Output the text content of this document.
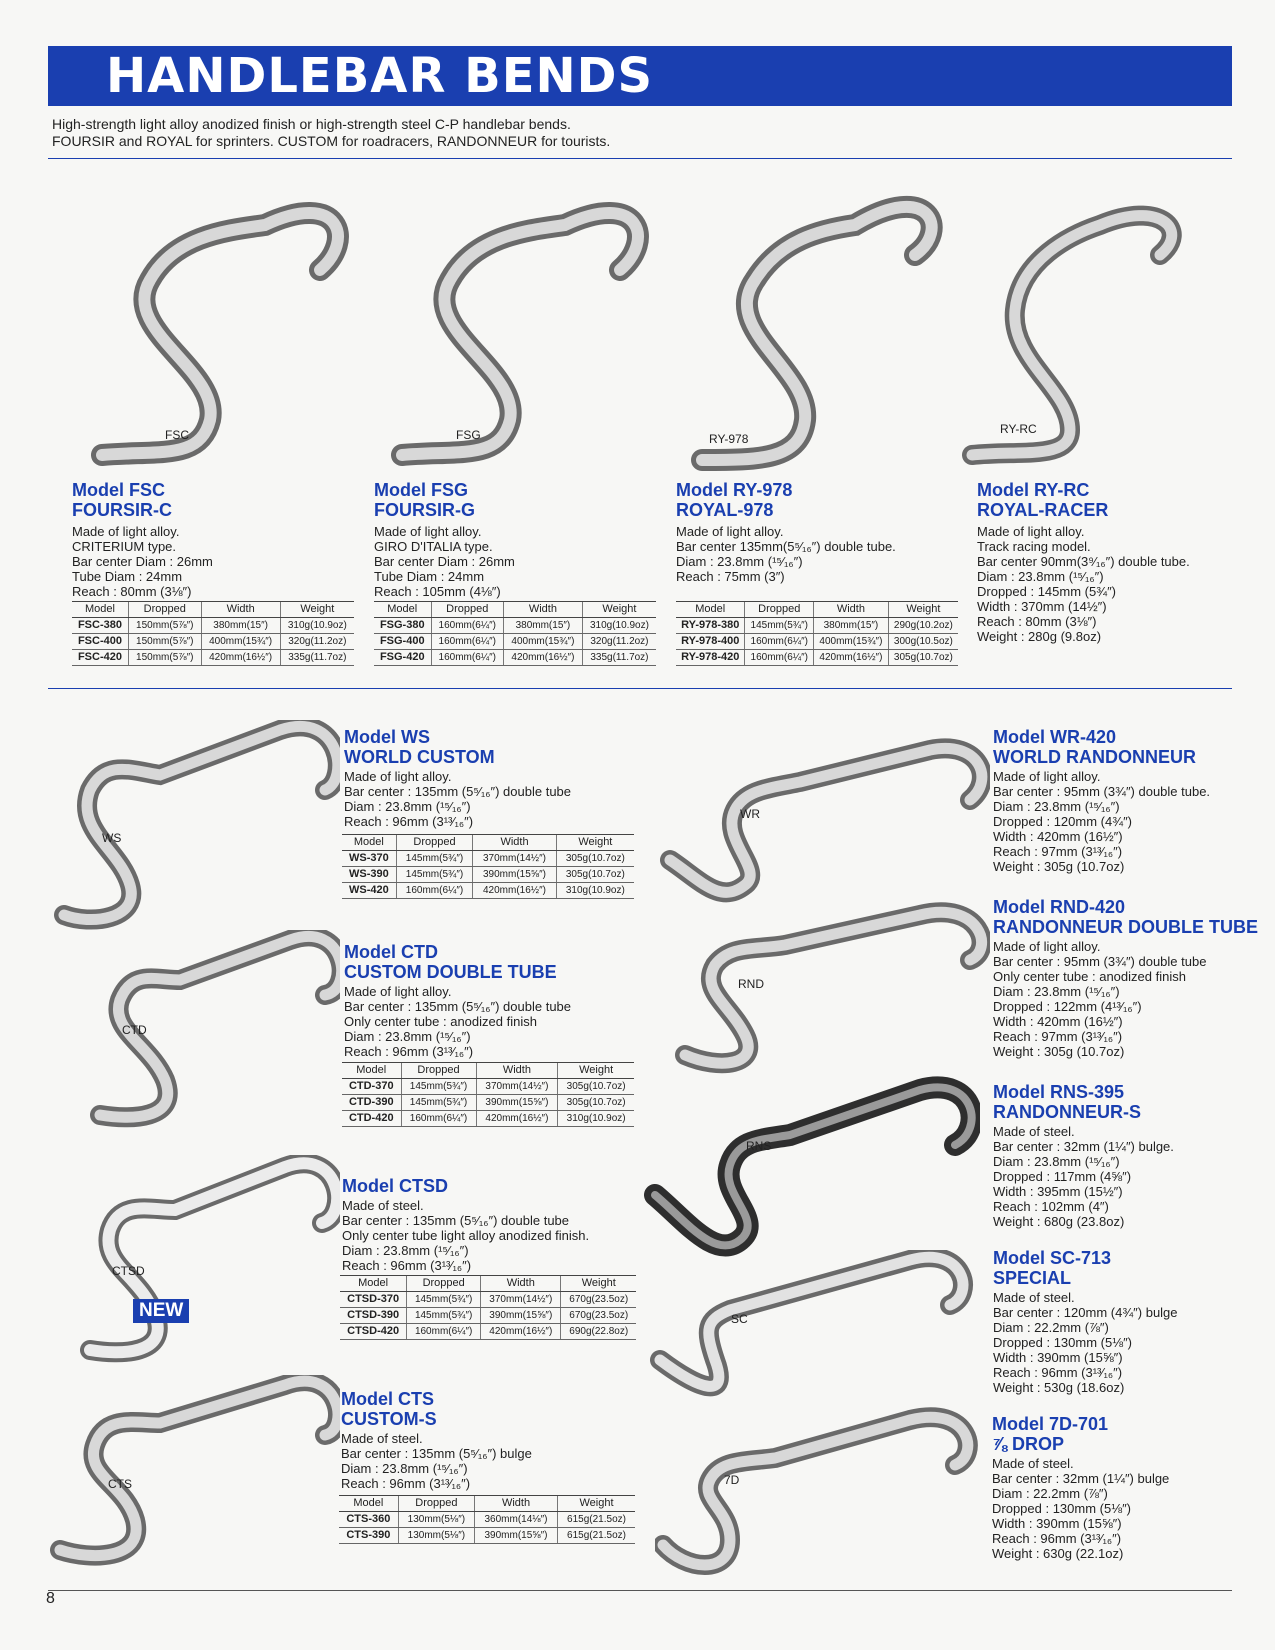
HANDLEBAR BENDS
High-strength light alloy anodized finish or high-strength steel C-P handlebar bends.
FOURSIR and ROYAL for sprinters. CUSTOM for roadracers, RANDONNEUR for tourists.
FSC	FSG	RY-978
RY-RC
Model FSC
FOURSIR-C
Made of light alloy.
CRITERIUM type.
Bar center Diam : 26mm
Tube Diam : 24mm
Reach : 80mm (3⅛″)
Model	Dropped	Width	Weight
FSC-380	150mm(5⅞″)	380mm(15″)	310g(10.9oz)
FSC-400	150mm(5⅞″)	400mm(15¾″)	320g(11.2oz)
FSC-420	150mm(5⅞″)	420mm(16½″)	335g(11.7oz)
Model FSG
FOURSIR-G
Made of light alloy.
GIRO D'ITALIA type.
Bar center Diam : 26mm
Tube Diam : 24mm
Reach : 105mm (4⅛″)
Model	Dropped	Width	Weight
FSG-380	160mm(6¼″)	380mm(15″)	310g(10.9oz)
FSG-400	160mm(6¼″)	400mm(15¾″)	320g(11.2oz)
FSG-420	160mm(6¼″)	420mm(16½″)	335g(11.7oz)
Model RY-978
ROYAL-978
Made of light alloy.
Bar center 135mm(5⁵⁄₁₆″) double tube.
Diam : 23.8mm (¹⁵⁄₁₆″)
Reach : 75mm (3″)
Model	Dropped	Width	Weight
RY-978-380	145mm(5¾″)	380mm(15″)	290g(10.2oz)
RY-978-400	160mm(6¼″)	400mm(15¾″)	300g(10.5oz)
RY-978-420	160mm(6¼″)	420mm(16½″)	305g(10.7oz)
Model RY-RC
ROYAL-RACER
Made of light alloy.
Track racing model.
Bar center 90mm(3⁹⁄₁₆″) double tube.
Diam : 23.8mm (¹⁵⁄₁₆″)
Dropped : 145mm (5¾″)
Width : 370mm (14½″)
Reach : 80mm (3⅛″)
Weight : 280g (9.8oz)
WS
CTD
CTSD
NEW
CTS
Model WS
WORLD CUSTOM
Made of light alloy.
Bar center : 135mm (5⁵⁄₁₆″) double tube
Diam : 23.8mm (¹⁵⁄₁₆″)
Reach : 96mm (3¹³⁄₁₆″)
Model	Dropped	Width	Weight
WS-370	145mm(5¾″)	370mm(14½″)	305g(10.7oz)
WS-390	145mm(5¾″)	390mm(15⅝″)	305g(10.7oz)
WS-420	160mm(6¼″)	420mm(16½″)	310g(10.9oz)
Model CTD
CUSTOM DOUBLE TUBE
Made of light alloy.
Bar center : 135mm (5⁵⁄₁₆″) double tube
Only center tube : anodized finish
Diam : 23.8mm (¹⁵⁄₁₆″)
Reach : 96mm (3¹³⁄₁₆″)
Model	Dropped	Width	Weight
CTD-370	145mm(5¾″)	370mm(14½″)	305g(10.7oz)
CTD-390	145mm(5¾″)	390mm(15⅝″)	305g(10.7oz)
CTD-420	160mm(6¼″)	420mm(16½″)	310g(10.9oz)
Model CTSD
Made of steel.
Bar center : 135mm (5⁵⁄₁₆″) double tube
Only center tube light alloy anodized finish.
Diam : 23.8mm (¹⁵⁄₁₆″)
Reach : 96mm (3¹³⁄₁₆″)
Model	Dropped	Width	Weight
CTSD-370	145mm(5¾″)	370mm(14½″)	670g(23.5oz)
CTSD-390	145mm(5¾″)	390mm(15⅝″)	670g(23.5oz)
CTSD-420	160mm(6¼″)	420mm(16½″)	690g(22.8oz)
Model CTS
CUSTOM-S
Made of steel.
Bar center : 135mm (5⁵⁄₁₆″) bulge
Diam : 23.8mm (¹⁵⁄₁₆″)
Reach : 96mm (3¹³⁄₁₆″)
Model	Dropped	Width	Weight
CTS-360	130mm(5⅛″)	360mm(14⅛″)	615g(21.5oz)
CTS-390	130mm(5⅛″)	390mm(15⅝″)	615g(21.5oz)
WR
RND
RNS
SC
7D
Model WR-420
WORLD RANDONNEUR
Made of light alloy.
Bar center : 95mm (3¾″) double tube.
Diam : 23.8mm (¹⁵⁄₁₆″)
Dropped : 120mm (4¾″)
Width : 420mm (16½″)
Reach : 97mm (3¹³⁄₁₆″)
Weight : 305g (10.7oz)
Model RND-420
RANDONNEUR DOUBLE TUBE
Made of light alloy.
Bar center : 95mm (3¾″) double tube
Only center tube : anodized finish
Diam : 23.8mm (¹⁵⁄₁₆″)
Dropped : 122mm (4¹³⁄₁₆″)
Width : 420mm (16½″)
Reach : 97mm (3¹³⁄₁₆″)
Weight : 305g (10.7oz)
Model RNS-395
RANDONNEUR-S
Made of steel.
Bar center : 32mm (1¼″) bulge.
Diam : 23.8mm (¹⁵⁄₁₆″)
Dropped : 117mm (4⅝″)
Width : 395mm (15½″)
Reach : 102mm (4″)
Weight : 680g (23.8oz)
Model SC-713
SPECIAL
Made of steel.
Bar center : 120mm (4¾″) bulge
Diam : 22.2mm (⅞″)
Dropped : 130mm (5⅛″)
Width : 390mm (15⅝″)
Reach : 96mm (3¹³⁄₁₆″)
Weight : 530g (18.6oz)
Model 7D-701
⅞ DROP
Made of steel.
Bar center : 32mm (1¼″) bulge
Diam : 22.2mm (⅞″)
Dropped : 130mm (5⅛″)
Width : 390mm (15⅝″)
Reach : 96mm (3¹³⁄₁₆″)
Weight : 630g (22.1oz)
8
